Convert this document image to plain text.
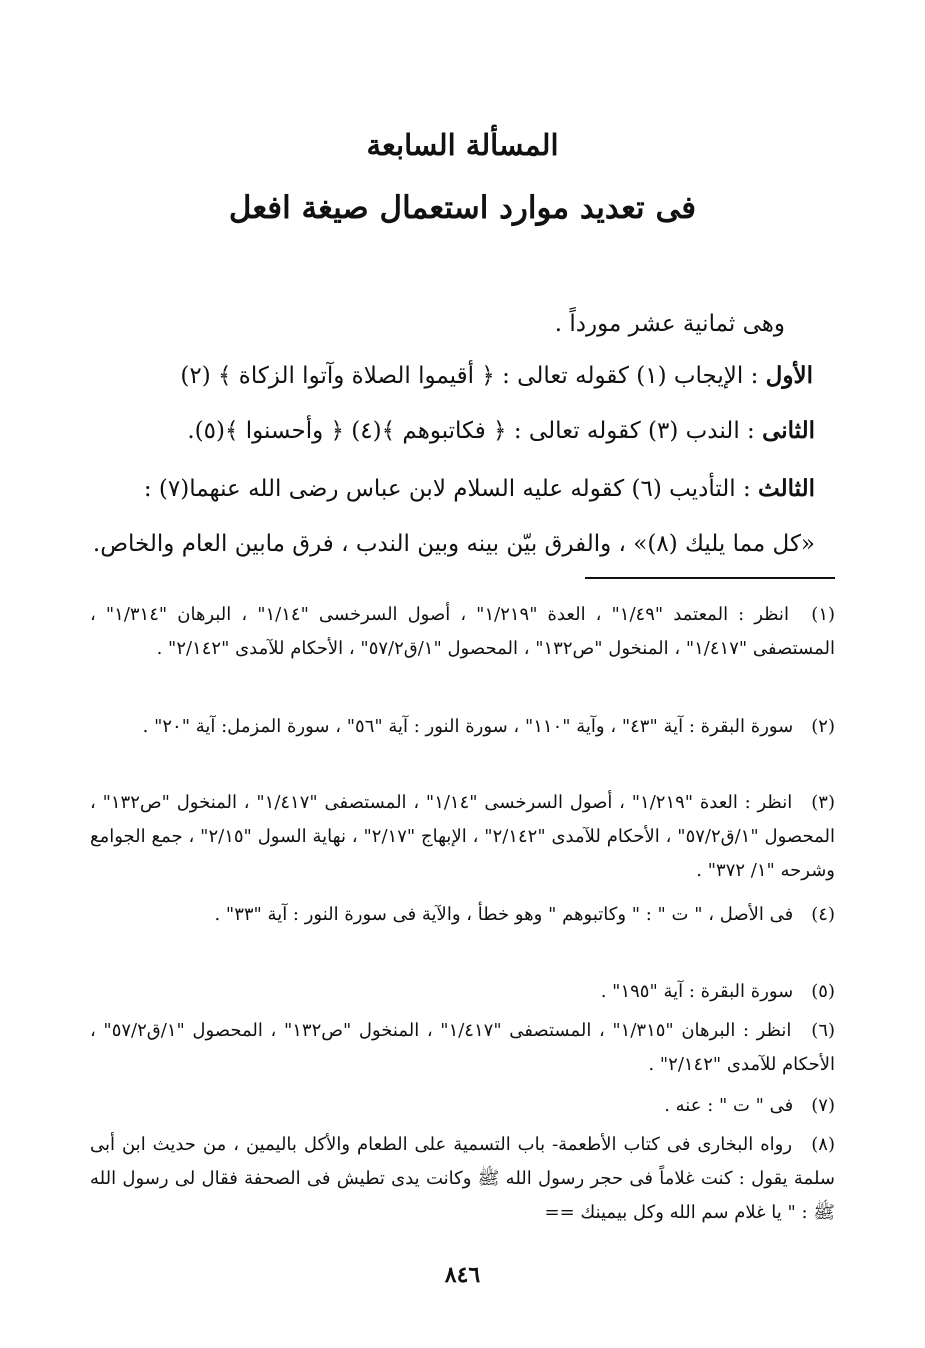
المسألة السابعة
فى تعديد موارد استعمال صيغة افعل
وهى ثمانية عشر مورداً .
الأول : الإيجاب (١) كقوله تعالى : ﴿ أقيموا الصلاة وآتوا الزكاة ﴾ (٢)
الثانى : الندب (٣) كقوله تعالى : ﴿ فكاتبوهم ﴾(٤) ﴿ وأحسنوا ﴾(٥).
الثالث : التأديب (٦) كقوله عليه السلام لابن عباس رضى الله عنهما(٧) :
«كل مما يليك (٨)» ، والفرق بيّن بينه وبين الندب ، فرق مابين العام والخاص.
(١) انظر : المعتمد "١/٤٩" ، العدة "١/٢١٩" ، أصول السرخسى "١/١٤" ، البرهان "١/٣١٤" ، المستصفى "١/٤١٧" ، المنخول "ص١٣٢" ، المحصول "١/ق٥٧/٢" ، الأحكام للآمدى "٢/١٤٢" .
(٢) سورة البقرة : آية "٤٣" ، وآية "١١٠" ، سورة النور : آية "٥٦" ، سورة المزمل: آية "٢٠" .
(٣) انظر : العدة "١/٢١٩" ، أصول السرخسى "١/١٤" ، المستصفى "١/٤١٧" ، المنخول "ص١٣٢" ، المحصول "١/ق٥٧/٢" ، الأحكام للآمدى "٢/١٤٢" ، الإبهاج "٢/١٧" ، نهاية السول "٢/١٥" ، جمع الجوامع وشرحه "١/ ٣٧٢" .
(٤) فى الأصل ، " ت " : " وكاتبوهم " وهو خطأ ، والآية فى سورة النور : آية "٣٣" .
(٥) سورة البقرة : آية "١٩٥" .
(٦) انظر : البرهان "١/٣١٥" ، المستصفى "١/٤١٧" ، المنخول "ص١٣٢" ، المحصول "١/ق٥٧/٢" ، الأحكام للآمدى "٢/١٤٢" .
(٧) فى " ت " : عنه .
(٨) رواه البخارى فى كتاب الأطعمة- باب التسمية على الطعام والأكل باليمين ، من حديث ابن أبى سلمة يقول : كنت غلاماً فى حجر رسول الله ﷺ وكانت يدى تطيش فى الصحفة فقال لى رسول الله ﷺ : " يا غلام سم الله وكل بيمينك ==
٨٤٦
